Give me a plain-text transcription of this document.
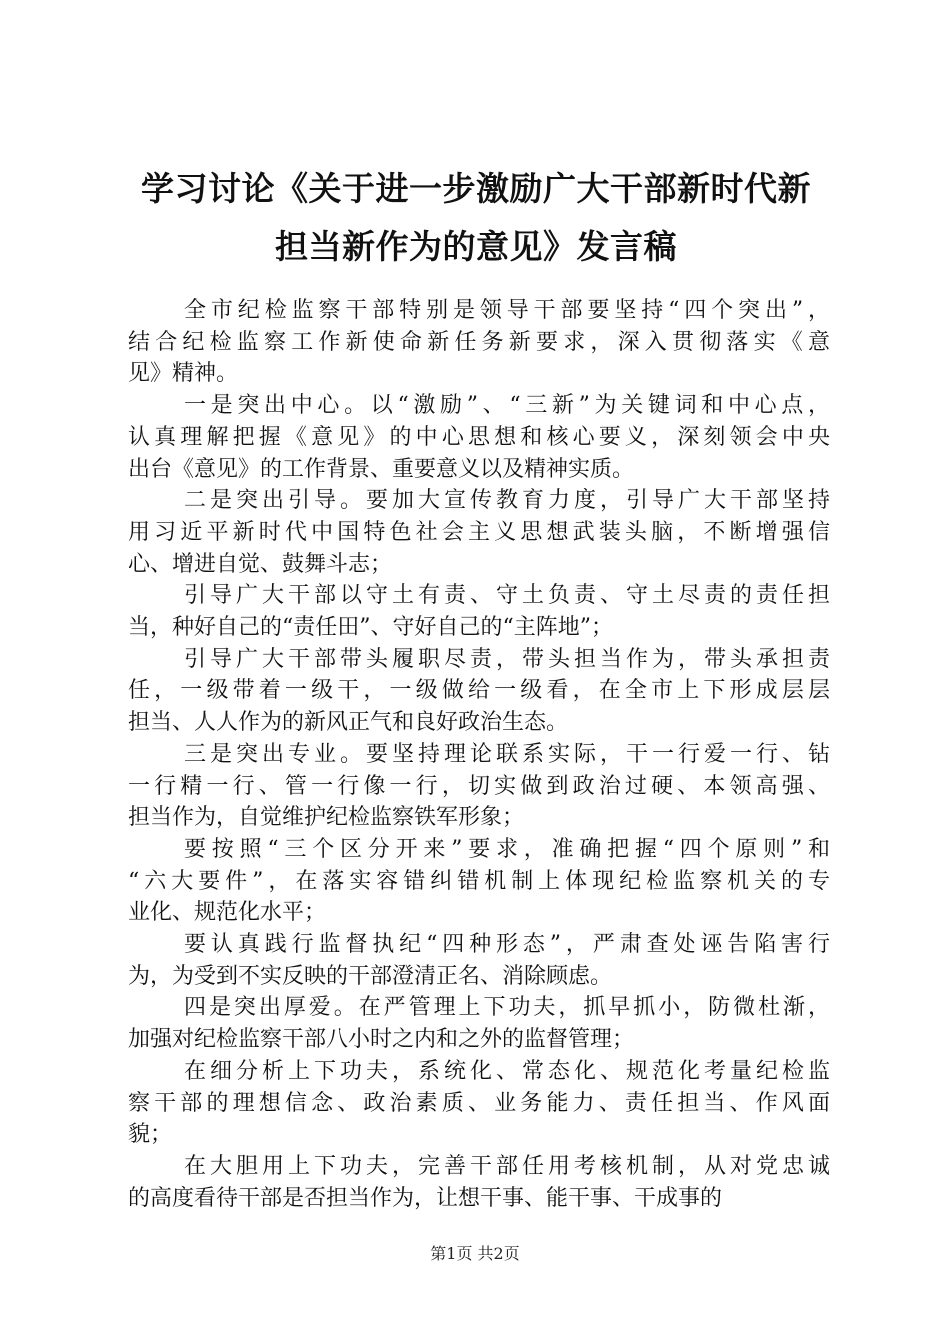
学习讨论《关于进一步激励广大干部新时代新
担当新作为的意见》发言稿

全市纪检监察干部特别是领导干部要坚持“四个突出”，
结合纪检监察工作新使命新任务新要求，深入贯彻落实《意
见》精神。

一是突出中心。以“激励”、“三新”为关键词和中心点，
认真理解把握《意见》的中心思想和核心要义，深刻领会中央
出台《意见》的工作背景、重要意义以及精神实质。

二是突出引导。要加大宣传教育力度，引导广大干部坚持
用习近平新时代中国特色社会主义思想武装头脑，不断增强信
心、增进自觉、鼓舞斗志；

引导广大干部以守土有责、守土负责、守土尽责的责任担
当，种好自己的“责任田”、守好自己的“主阵地”；

引导广大干部带头履职尽责，带头担当作为，带头承担责
任，一级带着一级干，一级做给一级看，在全市上下形成层层
担当、人人作为的新风正气和良好政治生态。

三是突出专业。要坚持理论联系实际，干一行爱一行、钻
一行精一行、管一行像一行，切实做到政治过硬、本领高强、
担当作为，自觉维护纪检监察铁军形象；

要按照“三个区分开来”要求，准确把握“四个原则”和
“六大要件”，在落实容错纠错机制上体现纪检监察机关的专
业化、规范化水平；

要认真践行监督执纪“四种形态”，严肃查处诬告陷害行
为，为受到不实反映的干部澄清正名、消除顾虑。

四是突出厚爱。在严管理上下功夫，抓早抓小，防微杜渐，
加强对纪检监察干部八小时之内和之外的监督管理；

在细分析上下功夫，系统化、常态化、规范化考量纪检监
察干部的理想信念、政治素质、业务能力、责任担当、作风面
貌；

在大胆用上下功夫，完善干部任用考核机制，从对党忠诚
的高度看待干部是否担当作为，让想干事、能干事、干成事的

第1页 共2页
